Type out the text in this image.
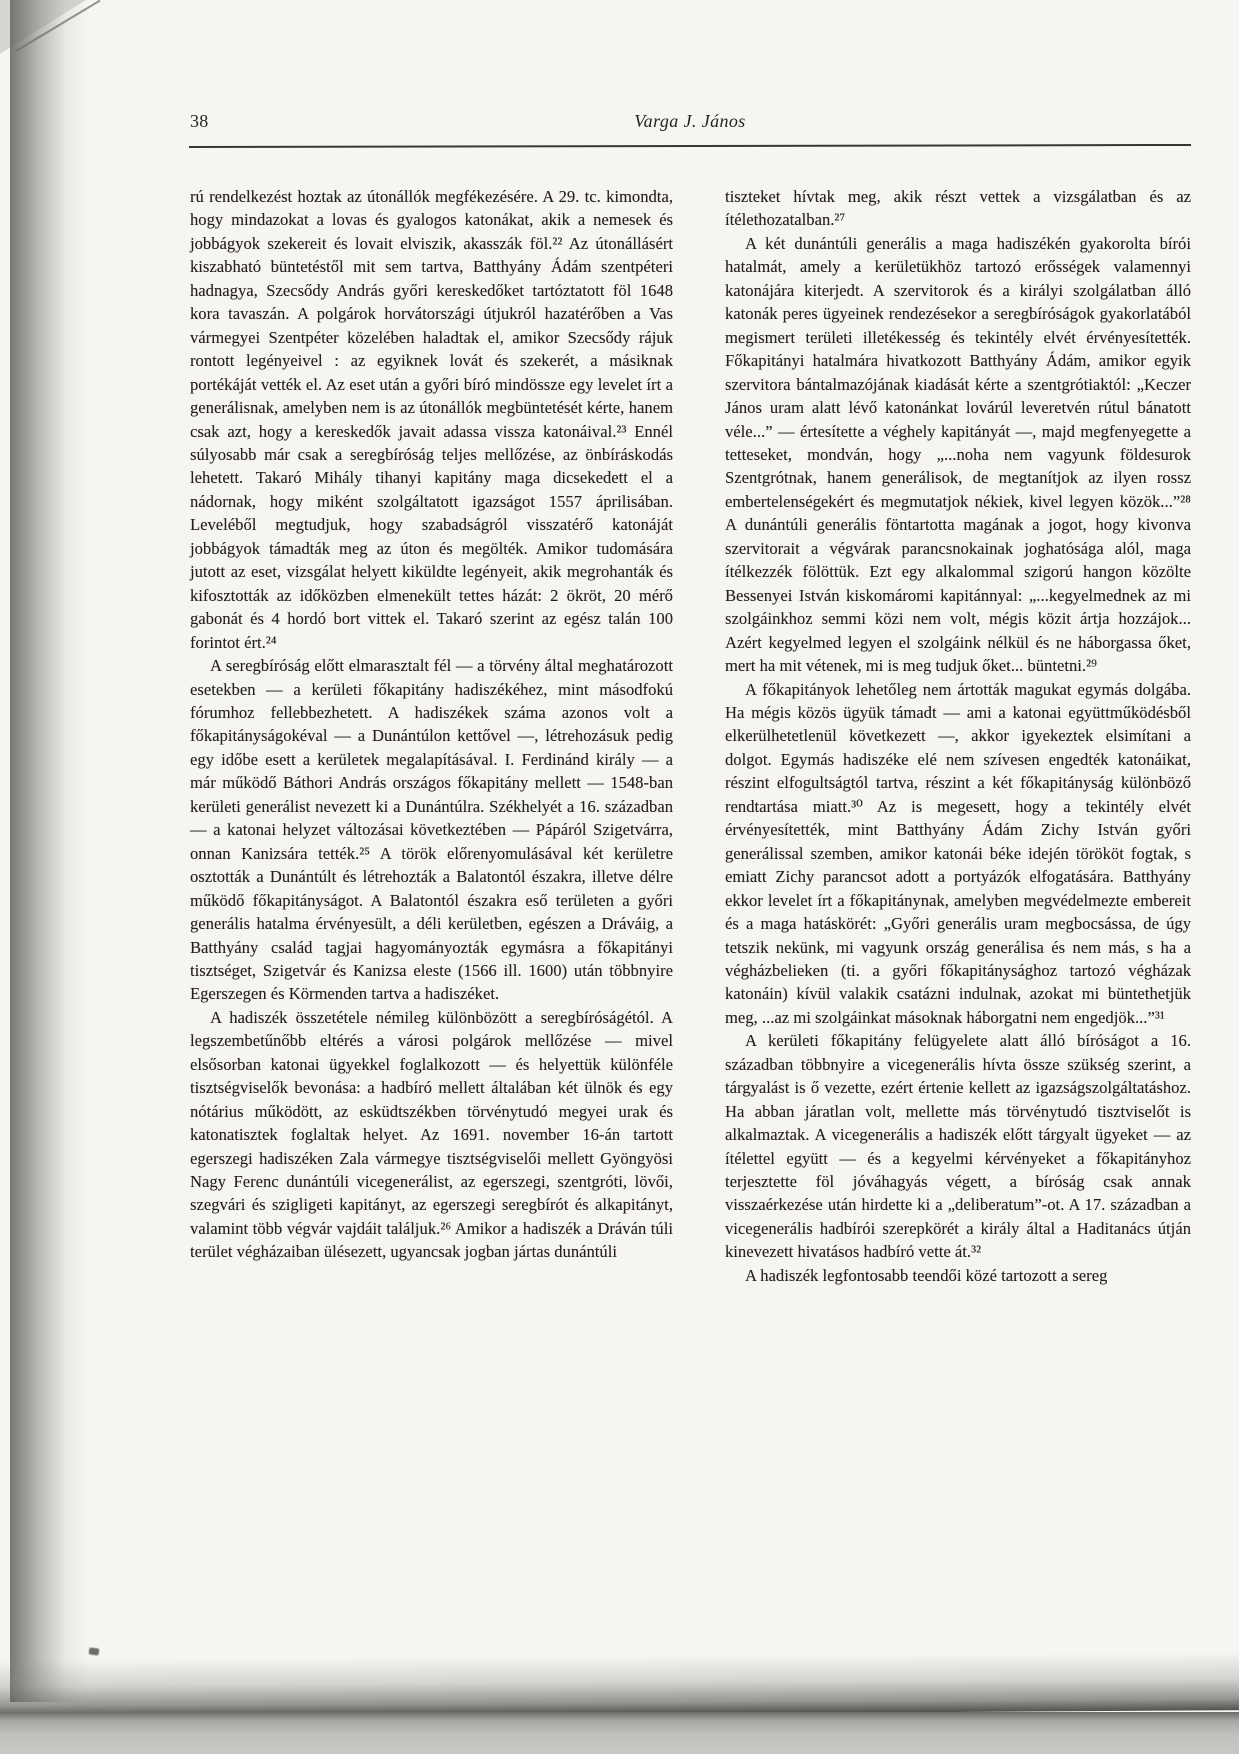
38	Varga J. János

rú rendelkezést hoztak az útonállók megfékezésére. A 29. tc. kimondta, hogy mindazokat a lovas és gyalogos katonákat, akik a nemesek és jobbágyok szekereit és lovait elviszik, akasszák föl.²² Az útonállásért kiszabható büntetéstől mit sem tartva, Batthyány Ádám szentpéteri hadnagya, Szecsődy András győri kereskedőket tartóztatott föl 1648 kora tavaszán. A polgárok horvátországi útjukról hazatérőben a Vas vármegyei Szentpéter közelében haladtak el, amikor Szecsődy rájuk rontott legényeivel : az egyiknek lovát és szekerét, a másiknak portékáját vették el. Az eset után a győri bíró mindössze egy levelet írt a generálisnak, amelyben nem is az útonállók megbüntetését kérte, hanem csak azt, hogy a kereskedők javait adassa vissza katonáival.²³ Ennél súlyosabb már csak a seregbíróság teljes mellőzése, az önbíráskodás lehetett. Takaró Mihály tihanyi kapitány maga dicsekedett el a nádornak, hogy miként szolgáltatott igazságot 1557 áprilisában. Leveléből megtudjuk, hogy szabadságról visszatérő katonáját jobbágyok támadták meg az úton és megölték. Amikor tudomására jutott az eset, vizsgálat helyett kiküldte legényeit, akik megrohanták és kifosztották az időközben elmenekült tettes házát: 2 ökröt, 20 mérő gabonát és 4 hordó bort vittek el. Takaró szerint az egész talán 100 forintot ért.²⁴

A seregbíróság előtt elmarasztalt fél — a törvény által meghatározott esetekben — a kerületi főkapitány hadiszékéhez, mint másodfokú fórumhoz fellebbezhetett. A hadiszékek száma azonos volt a főkapitányságokéval — a Dunántúlon kettővel —, létrehozásuk pedig egy időbe esett a kerületek megalapításával. I. Ferdinánd király — a már működő Báthori András országos főkapitány mellett — 1548-ban kerületi generálist nevezett ki a Dunántúlra. Székhelyét a 16. században — a katonai helyzet változásai következtében — Pápáról Szigetvárra, onnan Kanizsára tették.²⁵ A török előrenyomulásával két kerületre osztották a Dunántúlt és létrehozták a Balatontól északra, illetve délre működő főkapitányságot. A Balatontól északra eső területen a győri generális hatalma érvényesült, a déli kerületben, egészen a Dráváig, a Batthyány család tagjai hagyományozták egymásra a főkapitányi tisztséget, Szigetvár és Kanizsa eleste (1566 ill. 1600) után többnyire Egerszegen és Körmenden tartva a hadiszéket.

A hadiszék összetétele némileg különbözött a seregbíróságétól. A legszembetűnőbb eltérés a városi polgárok mellőzése — mivel elsősorban katonai ügyekkel foglalkozott — és helyettük különféle tisztségviselők bevonása: a hadbíró mellett általában két ülnök és egy nótárius működött, az esküdtszékben törvénytudó megyei urak és katonatisztek foglaltak helyet. Az 1691. november 16-án tartott egerszegi hadiszéken Zala vármegye tisztségviselői mellett Gyöngyösi Nagy Ferenc dunántúli vicegenerálist, az egerszegi, szentgróti, lövői, szegvári és szigligeti kapitányt, az egerszegi seregbírót és alkapitányt, valamint több végvár vajdáit találjuk.²⁶ Amikor a hadiszék a Dráván túli terület végházaiban ülésezett, ugyancsak jogban jártas dunántúli

tiszteket hívtak meg, akik részt vettek a vizsgálatban és az ítélethozatalban.²⁷

A két dunántúli generális a maga hadiszékén gyakorolta bírói hatalmát, amely a kerületükhöz tartozó erősségek valamennyi katonájára kiterjedt. A szervitorok és a királyi szolgálatban álló katonák peres ügyeinek rendezésekor a seregbíróságok gyakorlatából megismert területi illetékesség és tekintély elvét érvényesítették. Főkapitányi hatalmára hivatkozott Batthyány Ádám, amikor egyik szervitora bántalmazójának kiadását kérte a szentgrótiaktól: „Keczer János uram alatt lévő katonánkat lovárúl leveretvén rútul bánatott véle...” — értesítette a véghely kapitányát —, majd megfenyegette a tetteseket, mondván, hogy „...noha nem vagyunk földesurok Szentgrótnak, hanem generálisok, de megtanítjok az ilyen rossz embertelenségekért és megmutatjok nékiek, kivel legyen közök...”²⁸ A dunántúli generális föntartotta magának a jogot, hogy kivonva szervitorait a végvárak parancsnokainak joghatósága alól, maga ítélkezzék fölöttük. Ezt egy alkalommal szigorú hangon közölte Bessenyei István kiskomáromi kapitánnyal: „...kegyelmednek az mi szolgáinkhoz semmi közi nem volt, mégis közit ártja hozzájok... Azért kegyelmed legyen el szolgáink nélkül és ne háborgassa őket, mert ha mit vétenek, mi is meg tudjuk őket... büntetni.²⁹

A főkapitányok lehetőleg nem ártották magukat egymás dolgába. Ha mégis közös ügyük támadt — ami a katonai együttműködésből elkerülhetetlenül következett —, akkor igyekeztek elsimítani a dolgot. Egymás hadiszéke elé nem szívesen engedték katonáikat, részint elfogultságtól tartva, részint a két főkapitányság különböző rendtartása miatt.³⁰ Az is megesett, hogy a tekintély elvét érvényesítették, mint Batthyány Ádám Zichy István győri generálissal szemben, amikor katonái béke idején törököt fogtak, s emiatt Zichy parancsot adott a portyázók elfogatására. Batthyány ekkor levelet írt a főkapitánynak, amelyben megvédelmezte embereit és a maga hatáskörét: „Győri generális uram megbocsássa, de úgy tetszik nekünk, mi vagyunk ország generálisa és nem más, s ha a végházbelieken (ti. a győri főkapitánysághoz tartozó végházak katonáin) kívül valakik csatázni indulnak, azokat mi büntethetjük meg, ...az mi szolgáinkat másoknak háborgatni nem engedjök...”³¹

A kerületi főkapitány felügyelete alatt álló bíróságot a 16. században többnyire a vicegenerális hívta össze szükség szerint, a tárgyalást is ő vezette, ezért értenie kellett az igazságszolgáltatáshoz. Ha abban járatlan volt, mellette más törvénytudó tisztviselőt is alkalmaztak. A vicegenerális a hadiszék előtt tárgyalt ügyeket — az ítélettel együtt — és a kegyelmi kérvényeket a főkapitányhoz terjesztette föl jóváhagyás végett, a bíróság csak annak visszaérkezése után hirdette ki a „deliberatum”-ot. A 17. században a vicegenerális hadbírói szerepkörét a király által a Haditanács útján kinevezett hivatásos hadbíró vette át.³²

A hadiszék legfontosabb teendői közé tartozott a sereg
